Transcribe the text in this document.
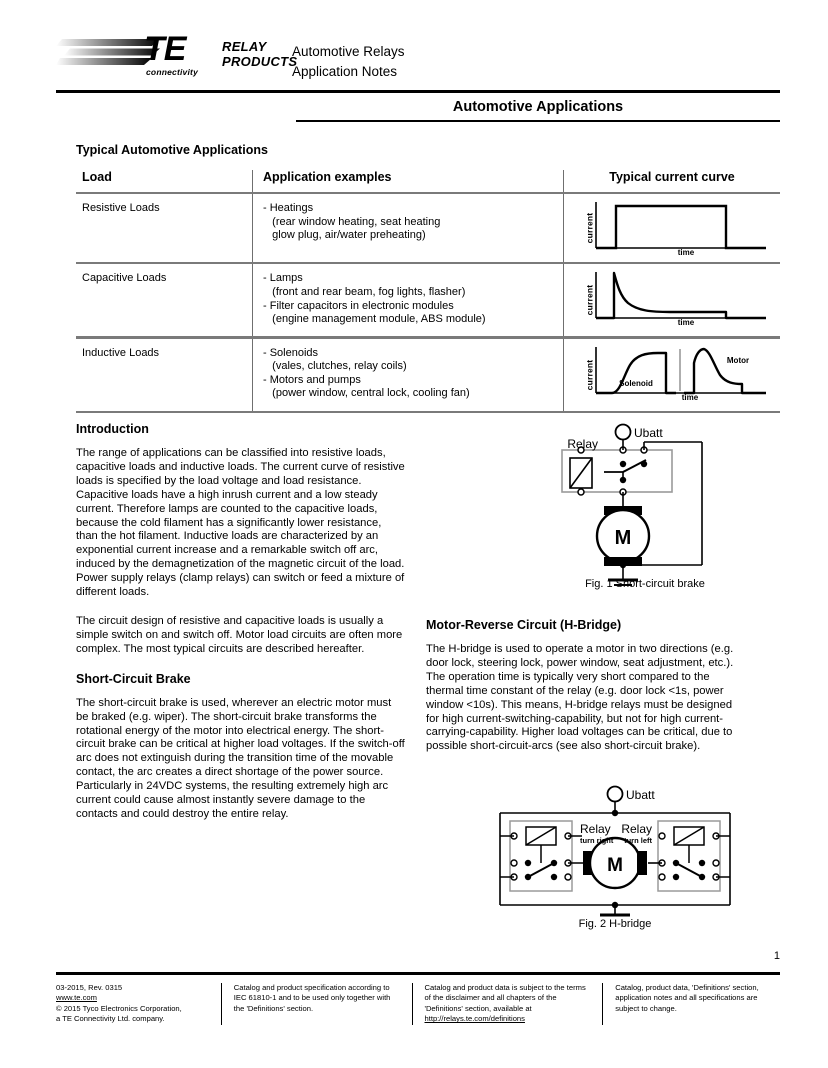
TE
connectivity
RELAY
PRODUCTS
Automotive Relays
Application Notes
Automotive Applications
Typical Automotive Applications
Load	Application examples	Typical current curve
Resistive Loads	- Heatings
(rear window heating, seat heating
glow plug, air/water preheating)	current
time
Capacitive Loads	- Lamps
(front and rear beam, fog lights, flasher)
- Filter capacitors in electronic modules
(engine management module, ABS module)
current
time
Inductive Loads	- Solenoids
(vales, clutches, relay coils)
- Motors and pumps
(power window, central lock, cooling fan)
current	Solenoid
Motor
time
Introduction

The range of applications can be classified into resistive loads, capacitive loads and inductive loads. The current curve of resistive loads is specified by the load voltage and load resistance. Capacitive loads have a high inrush current and a low steady current. Therefore lamps are counted to the capacitive loads, because the cold filament has a significantly lower resistance, than the hot filament. Inductive loads are characterized by an exponential current increase and a remarkable switch off arc, induced by the demagnetization of the magnetic circuit of the load. Power supply relays (clamp relays) can switch or feed a mixture of different loads.

The circuit design of resistive and capacitive loads is usually a simple switch on and switch off. Motor load circuits are often more complex. The most typical circuits are described hereafter.

Short-Circuit Brake

The short-circuit brake is used, wherever an electric motor must be braked (e.g. wiper). The short-circuit brake transforms the rotational energy of the motor into electrical energy. The short-circuit brake can be critical at higher load voltages. If the switch-off arc does not extinguish during the transition time of the movable contact, the arc creates a direct shortage of the power source. Particularly in 24VDC systems, the resulting extremely high arc current could cause almost instantly severe damage to the contacts and could destroy the entire relay.

M
Relay
Ubatt
Fig. 1 Short-circuit brake
Motor-Reverse Circuit (H-Bridge)

The H-bridge is used to operate a motor in two directions (e.g. door lock, steering lock, power window, seat adjustment, etc.). The operation time is typically very short compared to the thermal time constant of the relay (e.g. door lock <1s, power window <10s). This means, H-bridge relays must be designed for high current-switching-capability, but not for high current-carrying-capability. Higher load voltages can be critical, due to possible short-circuit-arcs (see also short-circuit brake).

Ubatt
M
Relay
turn right
Relay
turn left
Fig. 2 H-bridge
1
03-2015, Rev. 0315
www.te.com
© 2015 Tyco Electronics Corporation,
a TE Connectivity Ltd. company.
Catalog and product specification according to IEC 61810-1 and to be used only together with the 'Definitions' section.
Catalog and product data is subject to the terms of the disclaimer and all chapters of the 'Definitions' section, available at
http://relays.te.com/definitions
Catalog, product data, 'Definitions' section, application notes and all specifications are subject to change.
